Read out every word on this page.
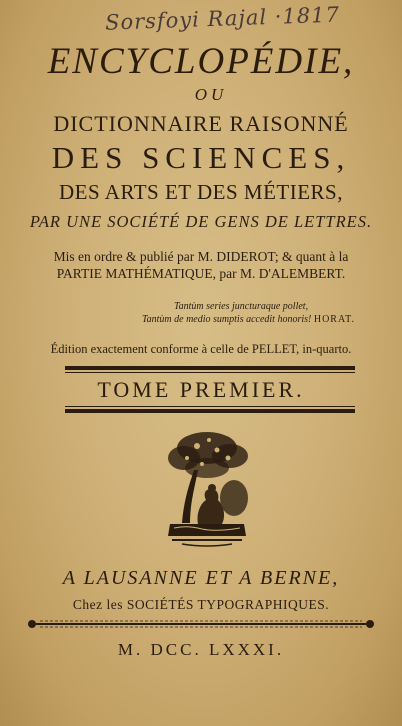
Sorsfoyi Rajal ·1817
ENCYCLOPÉDIE,
OU
DICTIONNAIRE RAISONNÉ
DES SCIENCES,
DES ARTS ET DES MÉTIERS,
PAR UNE SOCIÉTÉ DE GENS DE LETTRES.
Mis en ordre & publié par M. DIDEROT; & quant à la
PARTIE MATHÉMATIQUE, par M. D'ALEMBERT.
Tantùm series juncturaque pollet,
Tantùm de medio sumptis accedit honoris! HORAT.
Édition exactement conforme à celle de PELLET, in-quarto.
TOME PREMIER.
A LAUSANNE ET A BERNE,
Chez les SOCIÉTÉS TYPOGRAPHIQUES.
M. DCC. LXXXI.
